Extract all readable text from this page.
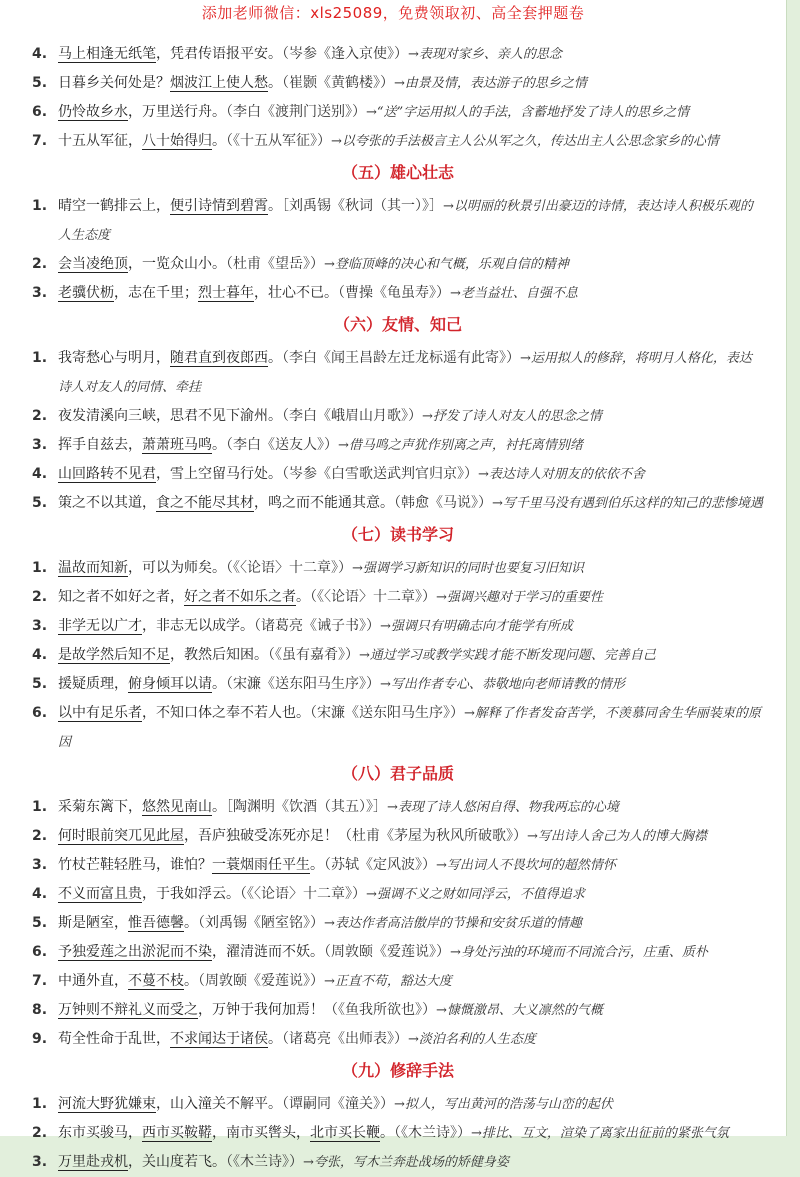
添加老师微信：xls25089，免费领取初、高全套押题卷
4. 马上相逢无纸笔，凭君传语报平安。（岑参《逢入京使》）→表现对家乡、亲人的思念
5. 日暮乡关何处是？烟波江上使人愁。（崔颢《黄鹤楼》）→由景及情，表达游子的思乡之情
6. 仍怜故乡水，万里送行舟。（李白《渡荆门送别》）→“送”字运用拟人的手法，含蓄地抒发了诗人的思乡之情
7. 十五从军征，八十始得归。（《十五从军征》）→以夸张的手法极言主人公从军之久，传达出主人公思念家乡的心情
（五）雄心壮志
1. 晴空一鹤排云上，便引诗情到碧霄。［刘禹锡《秋词（其一）》］→以明丽的秋景引出豪迈的诗情，表达诗人积极乐观的人生态度
2. 会当凌绝顶，一览众山小。（杜甫《望岳》）→登临顶峰的决心和气概，乐观自信的精神
3. 老骥伏枥，志在千里；烈士暮年，壮心不已。（曹操《龟虽寿》）→老当益壮、自强不息
（六）友情、知己
1. 我寄愁心与明月，随君直到夜郎西。（李白《闻王昌龄左迁龙标遥有此寄》）→运用拟人的修辞，将明月人格化，表达诗人对友人的同情、牵挂
2. 夜发清溪向三峡，思君不见下渝州。（李白《峨眉山月歌》）→抒发了诗人对友人的思念之情
3. 挥手自兹去，萧萧班马鸣。（李白《送友人》）→借马鸣之声犹作别离之声，衬托离情别绪
4. 山回路转不见君，雪上空留马行处。（岑参《白雪歌送武判官归京》）→表达诗人对朋友的依依不舍
5. 策之不以其道，食之不能尽其材，鸣之而不能通其意。（韩愈《马说》）→写千里马没有遇到伯乐这样的知己的悲惨境遇
（七）读书学习
1. 温故而知新，可以为师矣。（《〈论语〉十二章》）→强调学习新知识的同时也要复习旧知识
2. 知之者不如好之者，好之者不如乐之者。（《〈论语〉十二章》）→强调兴趣对于学习的重要性
3. 非学无以广才，非志无以成学。（诸葛亮《诫子书》）→强调只有明确志向才能学有所成
4. 是故学然后知不足，教然后知困。（《虽有嘉肴》）→通过学习或教学实践才能不断发现问题、完善自己
5. 援疑质理，俯身倾耳以请。（宋濂《送东阳马生序》）→写出作者专心、恭敬地向老师请教的情形
6. 以中有足乐者，不知口体之奉不若人也。（宋濂《送东阳马生序》）→解释了作者发奋苦学，不羡慕同舍生华丽装束的原因
（八）君子品质
1. 采菊东篱下，悠然见南山。［陶渊明《饮酒（其五）》］→表现了诗人悠闲自得、物我两忘的心境
2. 何时眼前突兀见此屋，吾庐独破受冻死亦足！（杜甫《茅屋为秋风所破歌》）→写出诗人舍己为人的博大胸襟
3. 竹杖芒鞋轻胜马，谁怕？一蓑烟雨任平生。（苏轼《定风波》）→写出词人不畏坎坷的超然情怀
4. 不义而富且贵，于我如浮云。（《〈论语〉十二章》）→强调不义之财如同浮云，不值得追求
5. 斯是陋室，惟吾德馨。（刘禹锡《陋室铭》）→表达作者高洁傲岸的节操和安贫乐道的情趣
6. 予独爱莲之出淤泥而不染，濯清涟而不妖。（周敦颐《爱莲说》）→身处污浊的环境而不同流合污，庄重、质朴
7. 中通外直，不蔓不枝。（周敦颐《爱莲说》）→正直不苟，豁达大度
8. 万钟则不辩礼义而受之，万钟于我何加焉！（《鱼我所欲也》）→慷慨激昂、大义凛然的气概
9. 苟全性命于乱世，不求闻达于诸侯。（诸葛亮《出师表》）→淡泊名利的人生态度
（九）修辞手法
1. 河流大野犹嫌束，山入潼关不解平。（谭嗣同《潼关》）→拟人，写出黄河的浩荡与山峦的起伏
2. 东市买骏马，西市买鞍鞯，南市买辔头，北市买长鞭。（《木兰诗》）→排比、互文，渲染了离家出征前的紧张气氛
3. 万里赴戎机，关山度若飞。（《木兰诗》）→夸张，写木兰奔赴战场的矫健身姿
